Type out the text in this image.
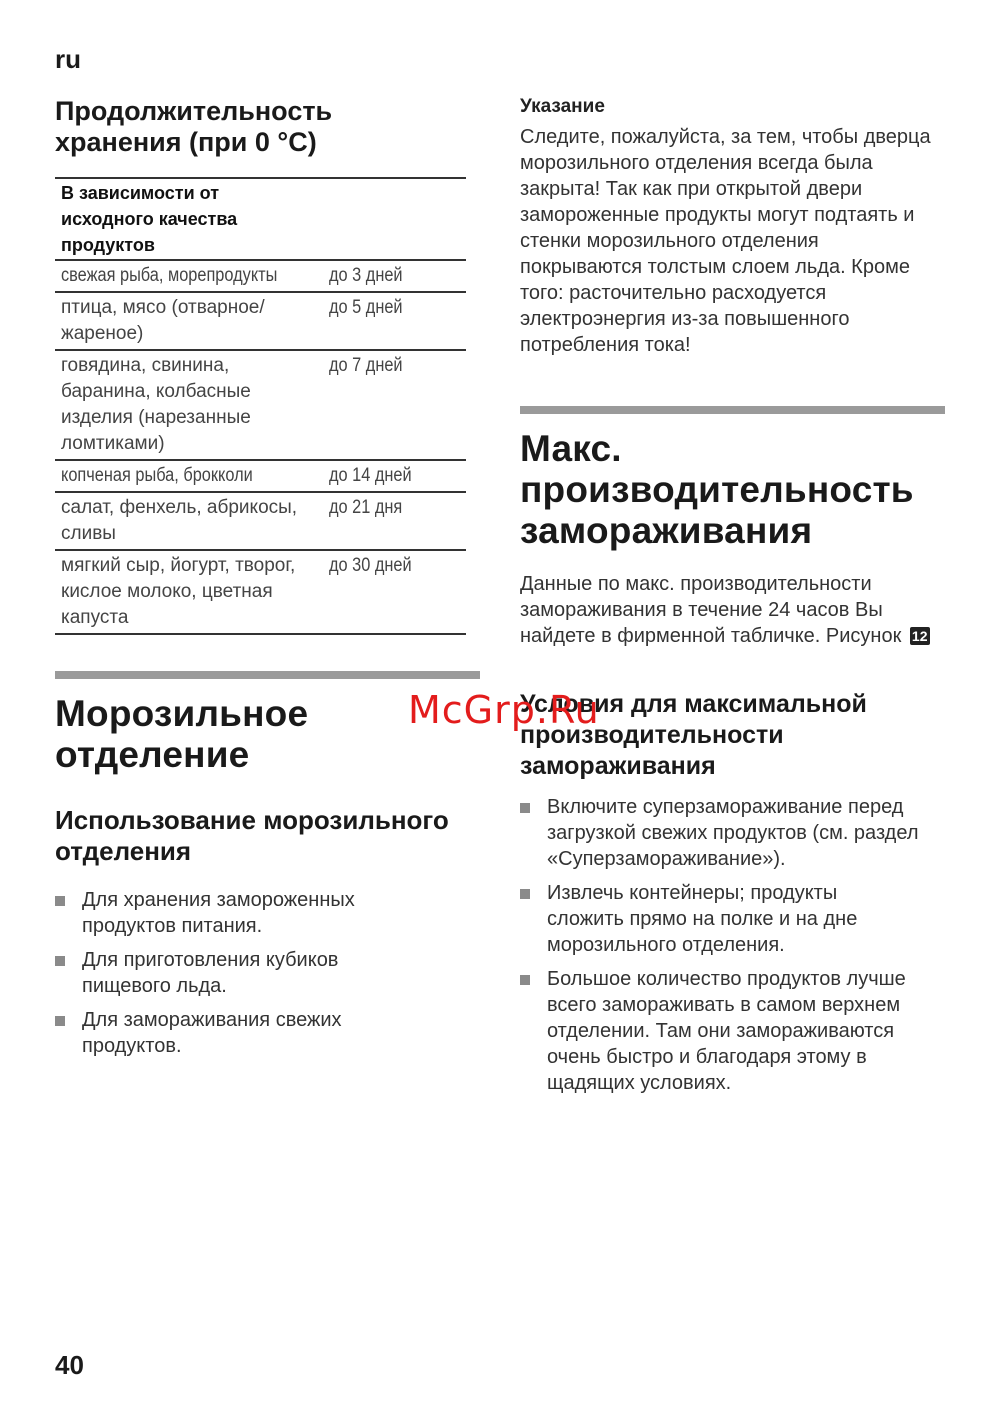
ru
Продолжительность хранения (при 0 °C)
В зависимости от исходного качества продуктов	

свежая рыба, морепродукты	до 3 дней

птица, мясо (отварное/ жареное)	до 5 дней

говядина, свинина, баранина, колбасные изделия (нарезанные ломтиками)	до 7 дней
копченая рыба, брокколи	до 14 дней

салат, фенхель, абрикосы, сливы	до 21 дня

мягкий сыр, йогурт, творог, кислое молоко, цветная капуста	до 30 дней
Морозильное отделение
Использование морозильного отделения
Для хранения замороженных продуктов питания.
Для приготовления кубиков пищевого льда.
Для замораживания свежих продуктов.
Указание

Следите, пожалуйста, за тем, чтобы дверца морозильного отделения всегда была закрыта! Так как при открытой двери замороженные продукты могут подтаять и стенки морозильного отделения покрываются толстым слоем льда. Кроме того: расточительно расходуется электроэнергия из-за повышенного потребления тока!

Макс. производительность замораживания

Данные по макс. производительности замораживания в течение 24 часов Вы найдете в фирменной табличке. Рисунок 12

Условия для максимальной производительности замораживания
Включите суперзамораживание перед загрузкой свежих продуктов (см. раздел «Суперзамораживание»).
Извлечь контейнеры; продукты сложить прямо на полке и на дне морозильного отделения.
Большое количество продуктов лучше всего замораживать в самом верхнем отделении. Там они замораживаются очень быстро и благодаря этому в щадящих условиях.
McGrp.Ru
40
